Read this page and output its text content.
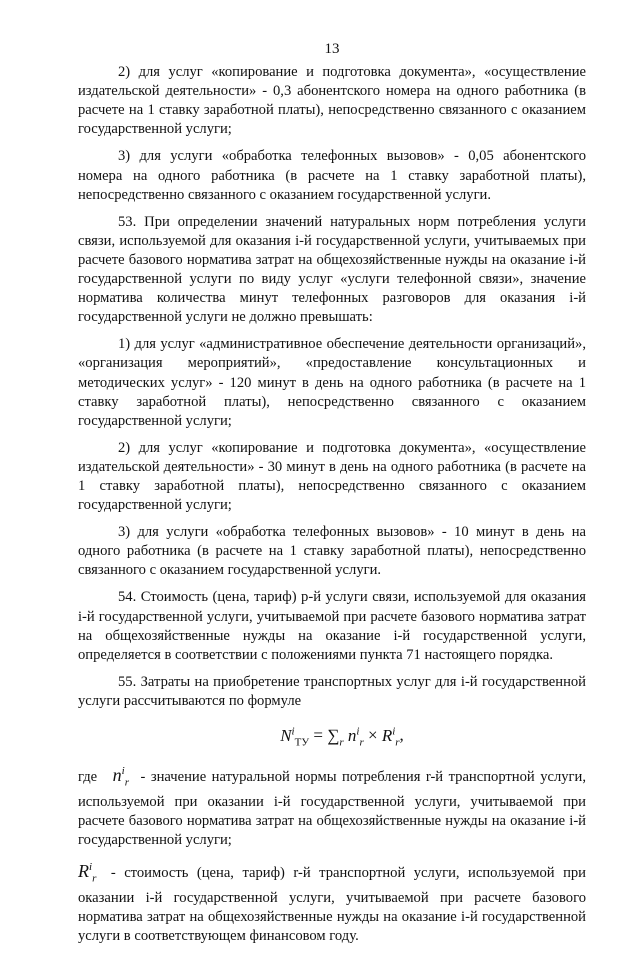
13

2) для услуг «копирование и подготовка документа», «осуществление издательской деятельности» - 0,3 абонентского номера на одного работника (в расчете на 1 ставку заработной платы), непосредственно связанного с оказанием государственной услуги;

3) для услуги «обработка телефонных вызовов» - 0,05 абонентского номера на одного работника (в расчете на 1 ставку заработной платы), непосредственно связанного с оказанием государственной услуги.

53. При определении значений натуральных норм потребления услуги связи, используемой для оказания i-й государственной услуги, учитываемых при расчете базового норматива затрат на общехозяйственные нужды на оказание i-й государственной услуги по виду услуг «услуги телефонной связи», значение норматива количества минут телефонных разговоров для оказания i-й государственной услуги не должно превышать:

1) для услуг «административное обеспечение деятельности организаций», «организация мероприятий», «предоставление консультационных и методических услуг» - 120 минут в день на одного работника (в расчете на 1 ставку заработной платы), непосредственно связанного с оказанием государственной услуги;

2) для услуг «копирование и подготовка документа», «осуществление издательской деятельности» - 30 минут в день на одного работника (в расчете на 1 ставку заработной платы), непосредственно связанного с оказанием государственной услуги;

3) для услуги «обработка телефонных вызовов» - 10 минут в день на одного работника (в расчете на 1 ставку заработной платы), непосредственно связанного с оказанием государственной услуги.

54. Стоимость (цена, тариф) р-й услуги связи, используемой для оказания i-й государственной услуги, учитываемой при расчете базового норматива затрат на общехозяйственные нужды на оказание i-й государственной услуги, определяется в соответствии с положениями пункта 71 настоящего порядка.

55. Затраты на приобретение транспортных услуг для i-й государственной услуги рассчитываются по формуле

$N^i_{ТУ} = \sum_r$ $n^i_r \times R^i_r$,

где $n^i_r$ - значение натуральной нормы потребления r-й транспортной услуги, используемой при оказании i-й государственной услуги, учитываемой при расчете базового норматива затрат на общехозяйственные нужды на оказание i-й государственной услуги;

$R^i_r$ - стоимость (цена, тариф) r-й транспортной услуги, используемой при оказании i-й государственной услуги, учитываемой при расчете базового норматива затрат на общехозяйственные нужды на оказание i-й государственной услуги в соответствующем финансовом году.
